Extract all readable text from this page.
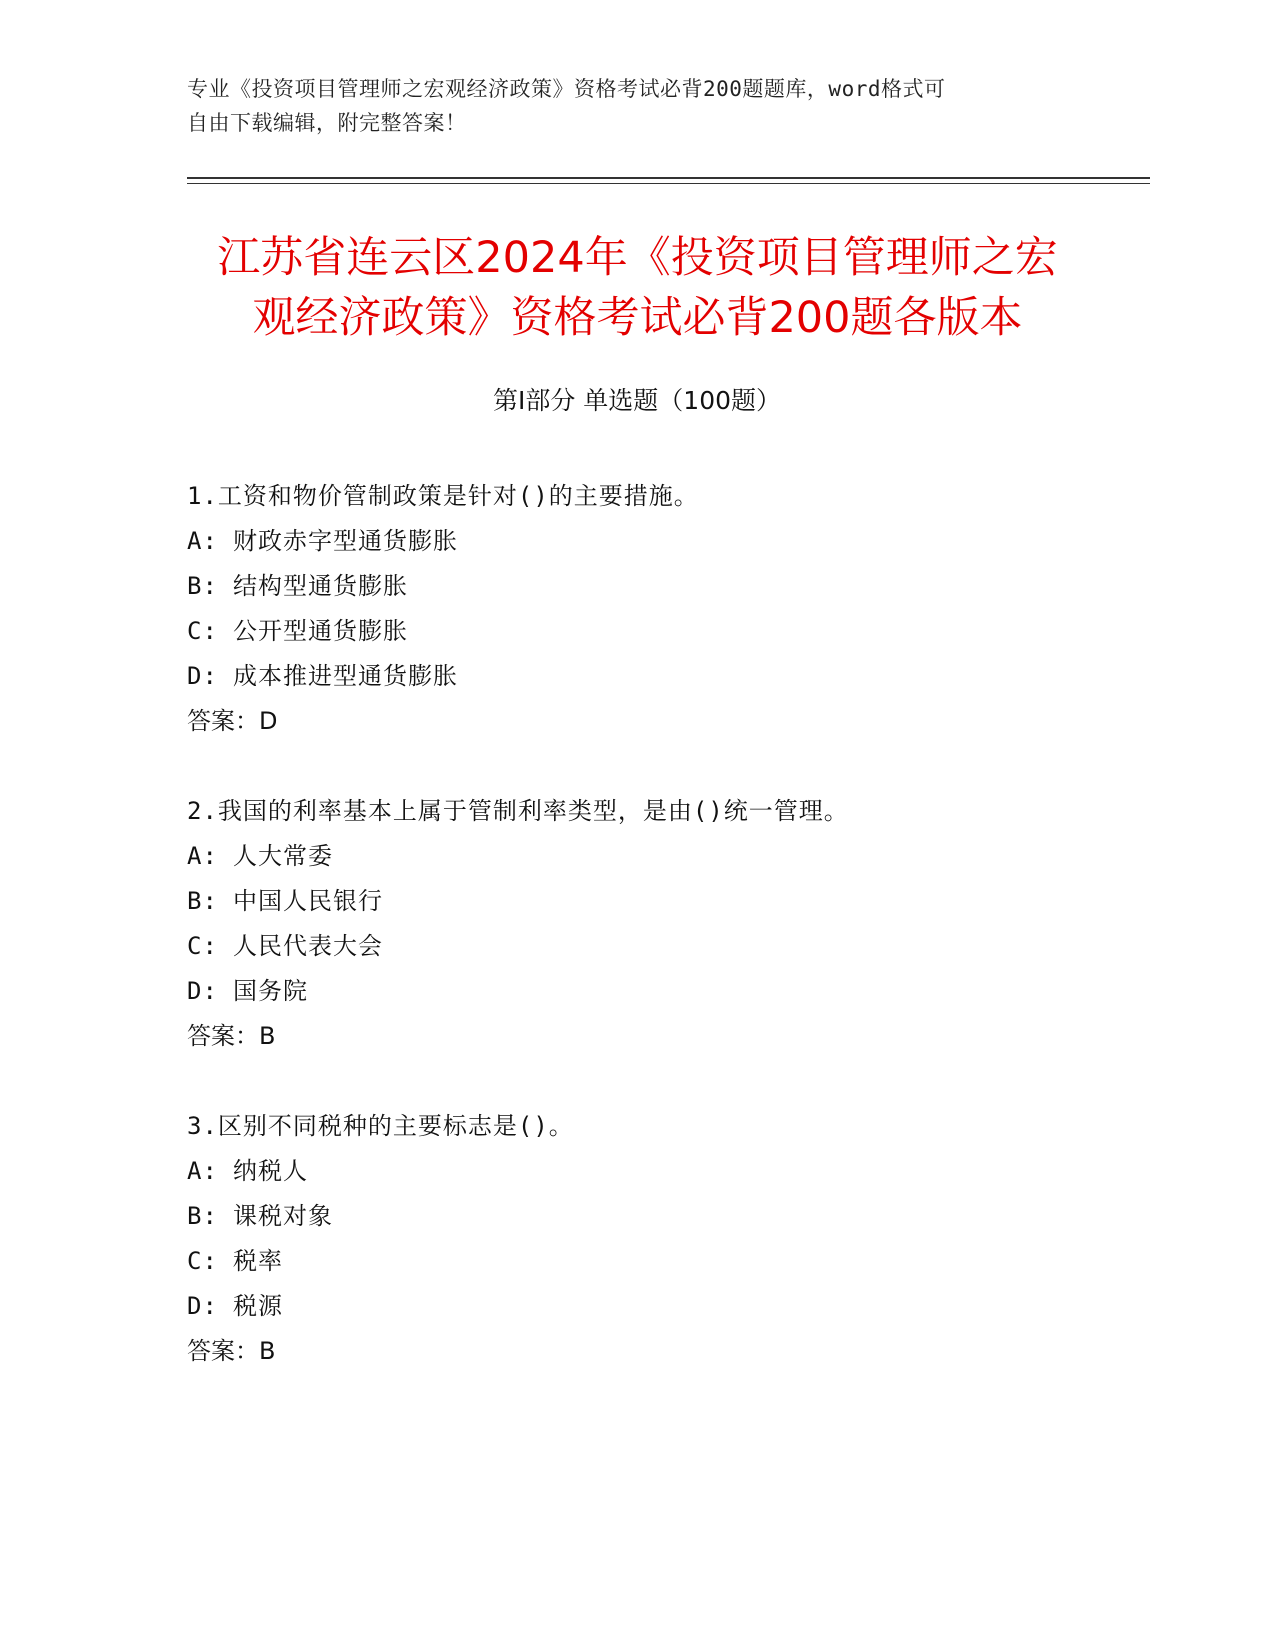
专业《投资项目管理师之宏观经济政策》资格考试必背200题题库，word格式可
自由下载编辑，附完整答案！
江苏省连云区2024年《投资项目管理师之宏
观经济政策》资格考试必背200题各版本
第Ⅰ部分 单选题（100题）
1.工资和物价管制政策是针对()的主要措施。
A: 财政赤字型通货膨胀
B: 结构型通货膨胀
C: 公开型通货膨胀
D: 成本推进型通货膨胀
答案：D
2.我国的利率基本上属于管制利率类型，是由()统一管理。
A: 人大常委
B: 中国人民银行
C: 人民代表大会
D: 国务院
答案：B
3.区别不同税种的主要标志是()。
A: 纳税人
B: 课税对象
C: 税率
D: 税源
答案：B
